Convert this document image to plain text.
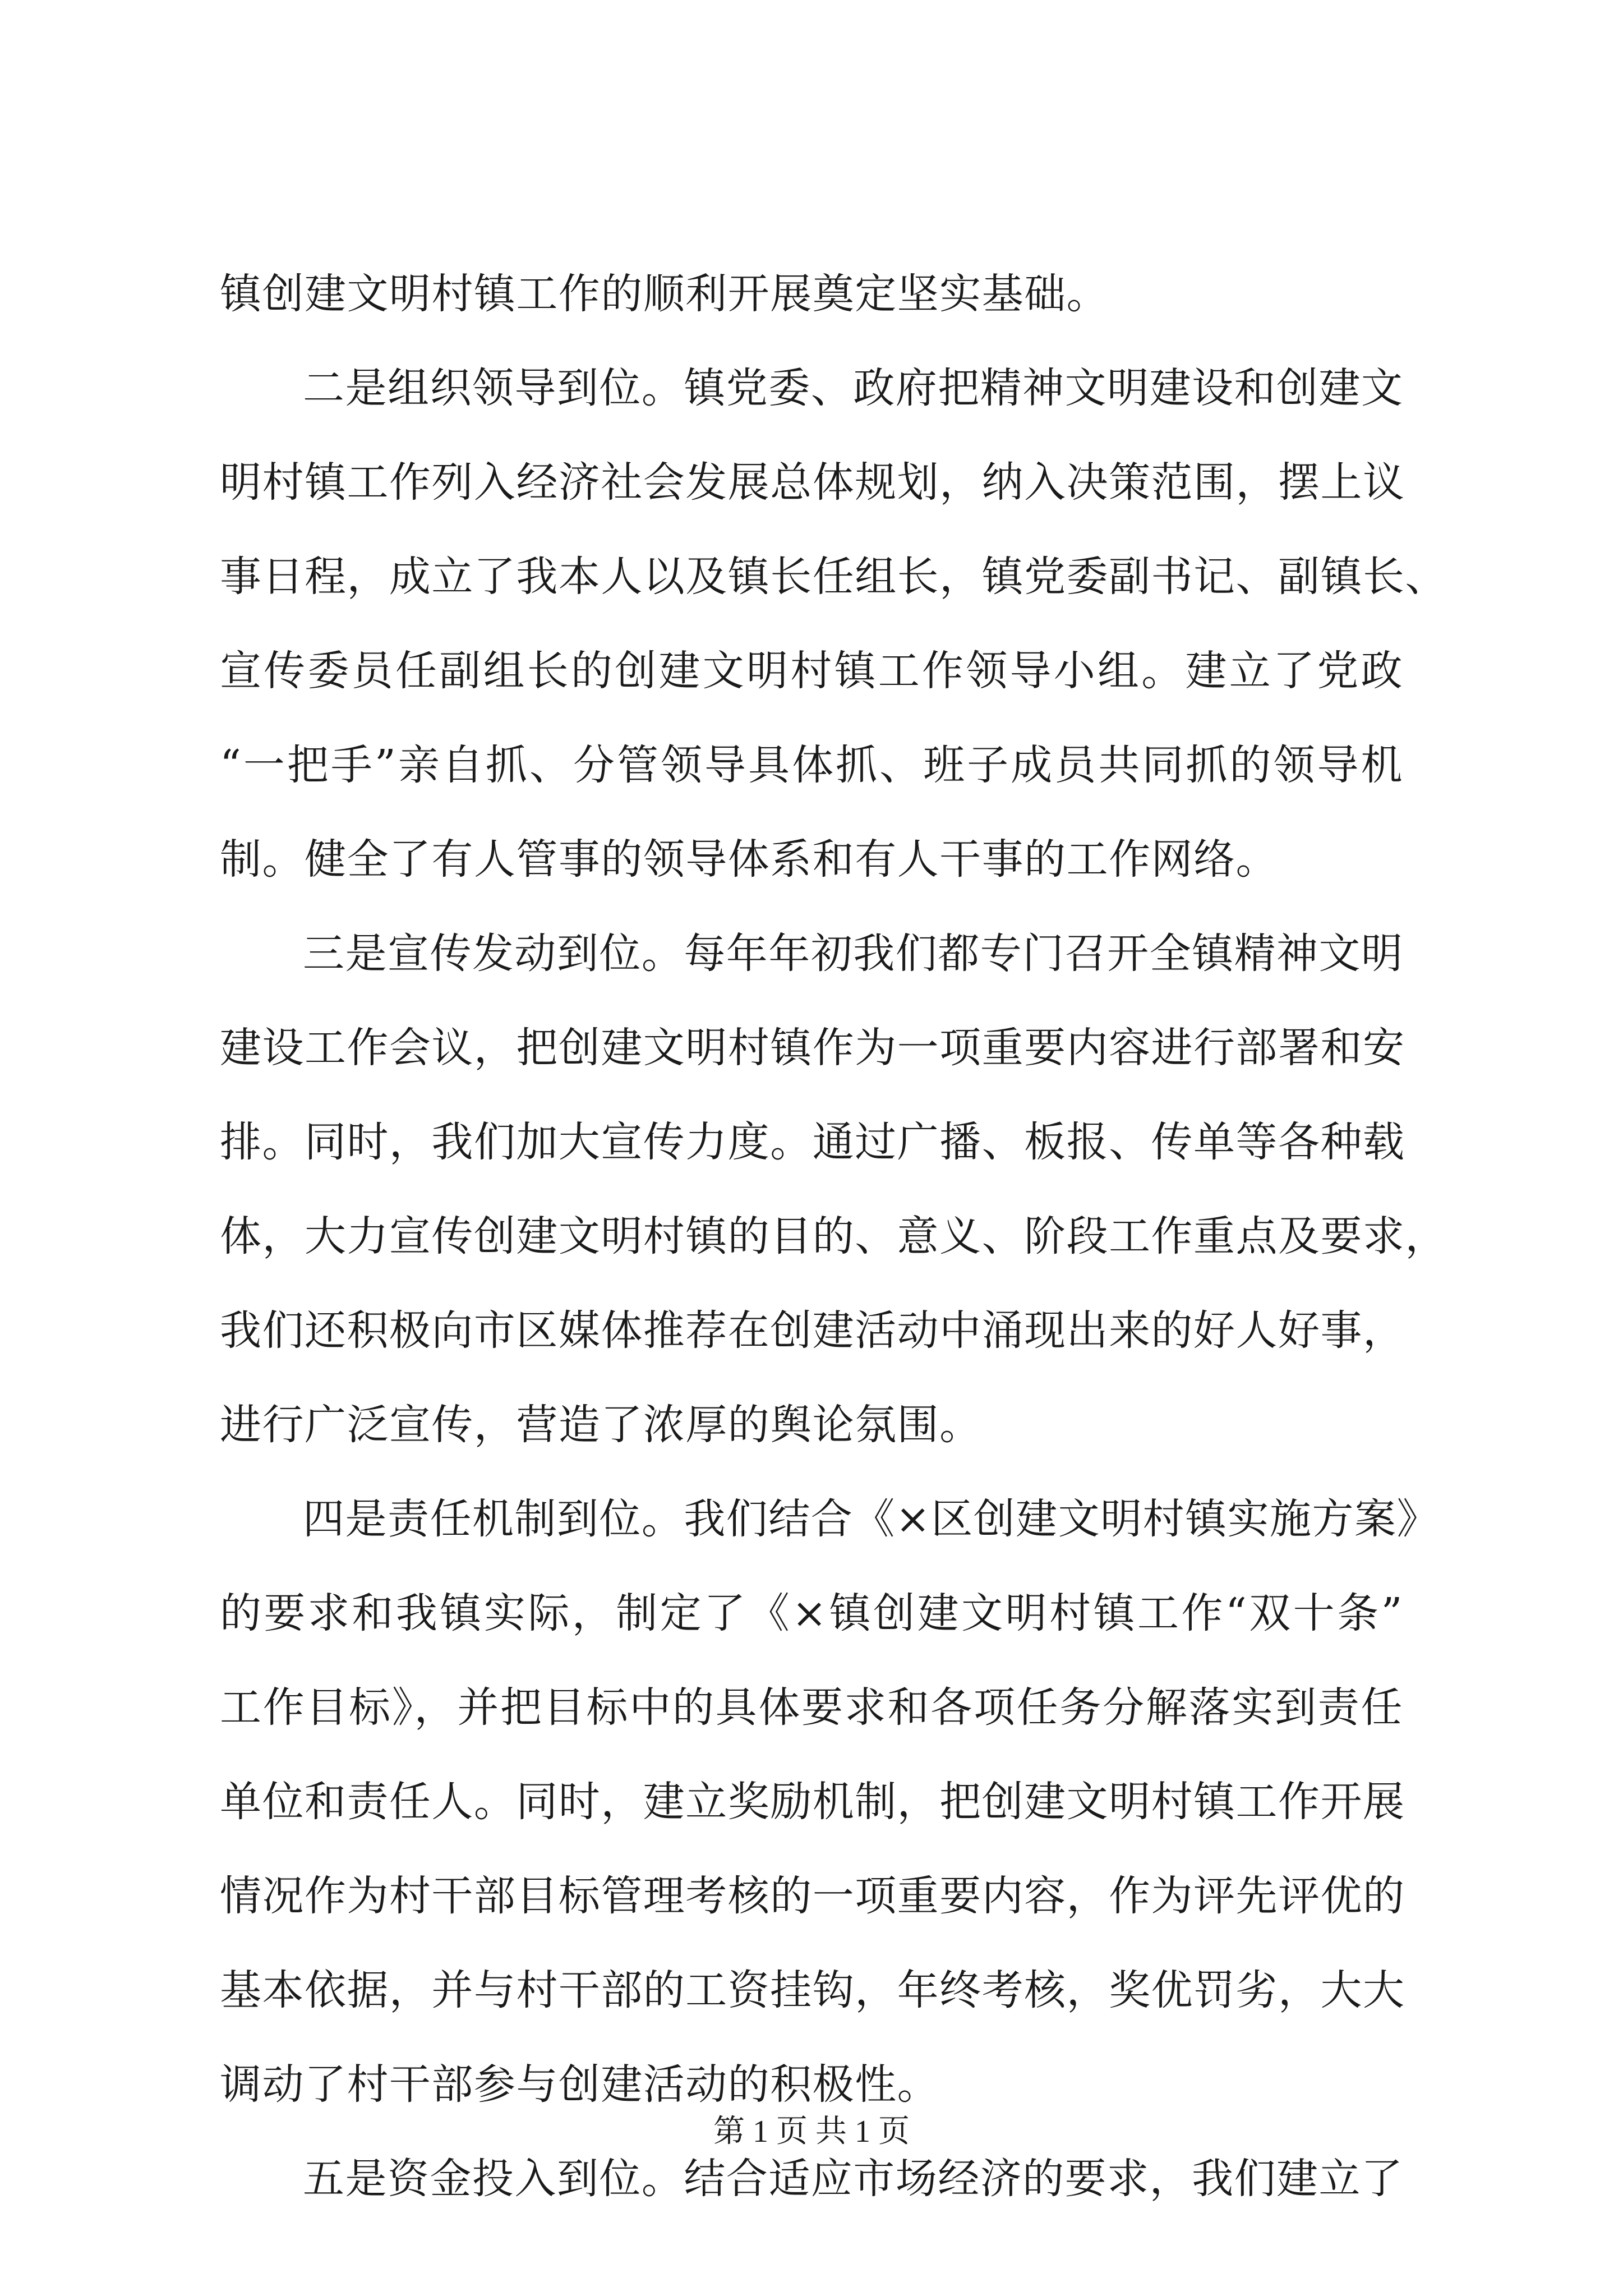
镇创建文明村镇工作的顺利开展奠定坚实基础。
二是组织领导到位。镇党委、政府把精神文明建设和创建文
明村镇工作列入经济社会发展总体规划，纳入决策范围，摆上议
事日程，成立了我本人以及镇长任组长，镇党委副书记、副镇长、
宣传委员任副组长的创建文明村镇工作领导小组。建立了党政
“一把手”亲自抓、分管领导具体抓、班子成员共同抓的领导机
制。健全了有人管事的领导体系和有人干事的工作网络。
三是宣传发动到位。每年年初我们都专门召开全镇精神文明
建设工作会议，把创建文明村镇作为一项重要内容进行部署和安
排。同时，我们加大宣传力度。通过广播、板报、传单等各种载
体，大力宣传创建文明村镇的目的、意义、阶段工作重点及要求，
我们还积极向市区媒体推荐在创建活动中涌现出来的好人好事，
进行广泛宣传，营造了浓厚的舆论氛围。
四是责任机制到位。我们结合《×区创建文明村镇实施方案》
的要求和我镇实际，制定了《×镇创建文明村镇工作“双十条”
工作目标》，并把目标中的具体要求和各项任务分解落实到责任
单位和责任人。同时，建立奖励机制，把创建文明村镇工作开展
情况作为村干部目标管理考核的一项重要内容，作为评先评优的
基本依据，并与村干部的工资挂钩，年终考核，奖优罚劣，大大
调动了村干部参与创建活动的积极性。
五是资金投入到位。结合适应市场经济的要求，我们建立了
第 1 页 共 1 页
